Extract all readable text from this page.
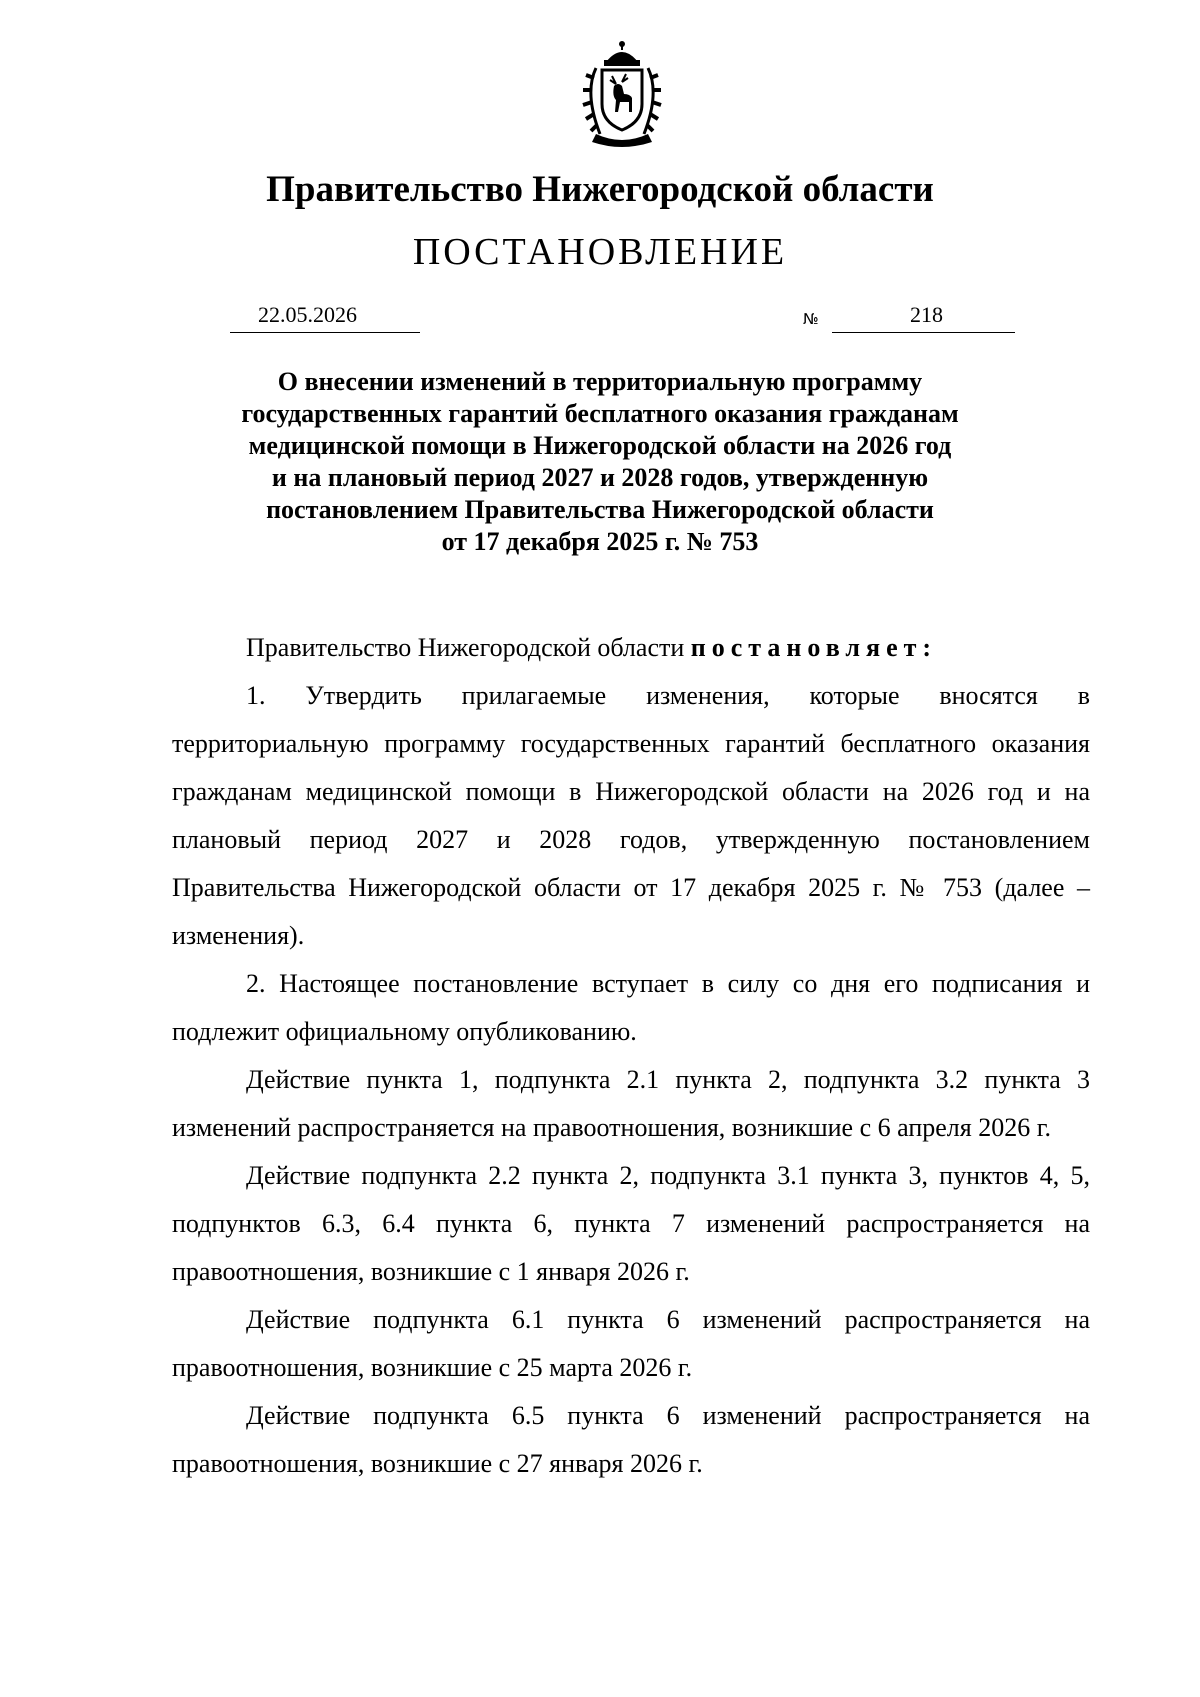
Правительство Нижегородской области
ПОСТАНОВЛЕНИЕ
22.05.2026	№	218
О внесении изменений в территориальную программу
государственных гарантий бесплатного оказания гражданам
медицинской помощи в Нижегородской области на 2026 год
и на плановый период 2027 и 2028 годов, утвержденную
постановлением Правительства Нижегородской области
от 17 декабря 2025 г. № 753

Правительство Нижегородской области постановляет:

1. Утвердить прилагаемые изменения, которые вносятся в территориальную программу государственных гарантий бесплатного оказания гражданам медицинской помощи в Нижегородской области на 2026 год и на плановый период 2027 и 2028 годов, утвержденную постановлением Правительства Нижегородской области от 17 декабря 2025 г. № 753 (далее – изменения).

2. Настоящее постановление вступает в силу со дня его подписания и подлежит официальному опубликованию.

Действие пункта 1, подпункта 2.1 пункта 2, подпункта 3.2 пункта 3 изменений распространяется на правоотношения, возникшие с 6 апреля 2026 г.

Действие подпункта 2.2 пункта 2, подпункта 3.1 пункта 3, пунктов 4, 5, подпунктов 6.3, 6.4 пункта 6, пункта 7 изменений распространяется на правоотношения, возникшие с 1 января 2026 г.

Действие подпункта 6.1 пункта 6 изменений распространяется на правоотношения, возникшие с 25 марта 2026 г.

Действие подпункта 6.5 пункта 6 изменений распространяется на правоотношения, возникшие с 27 января 2026 г.
